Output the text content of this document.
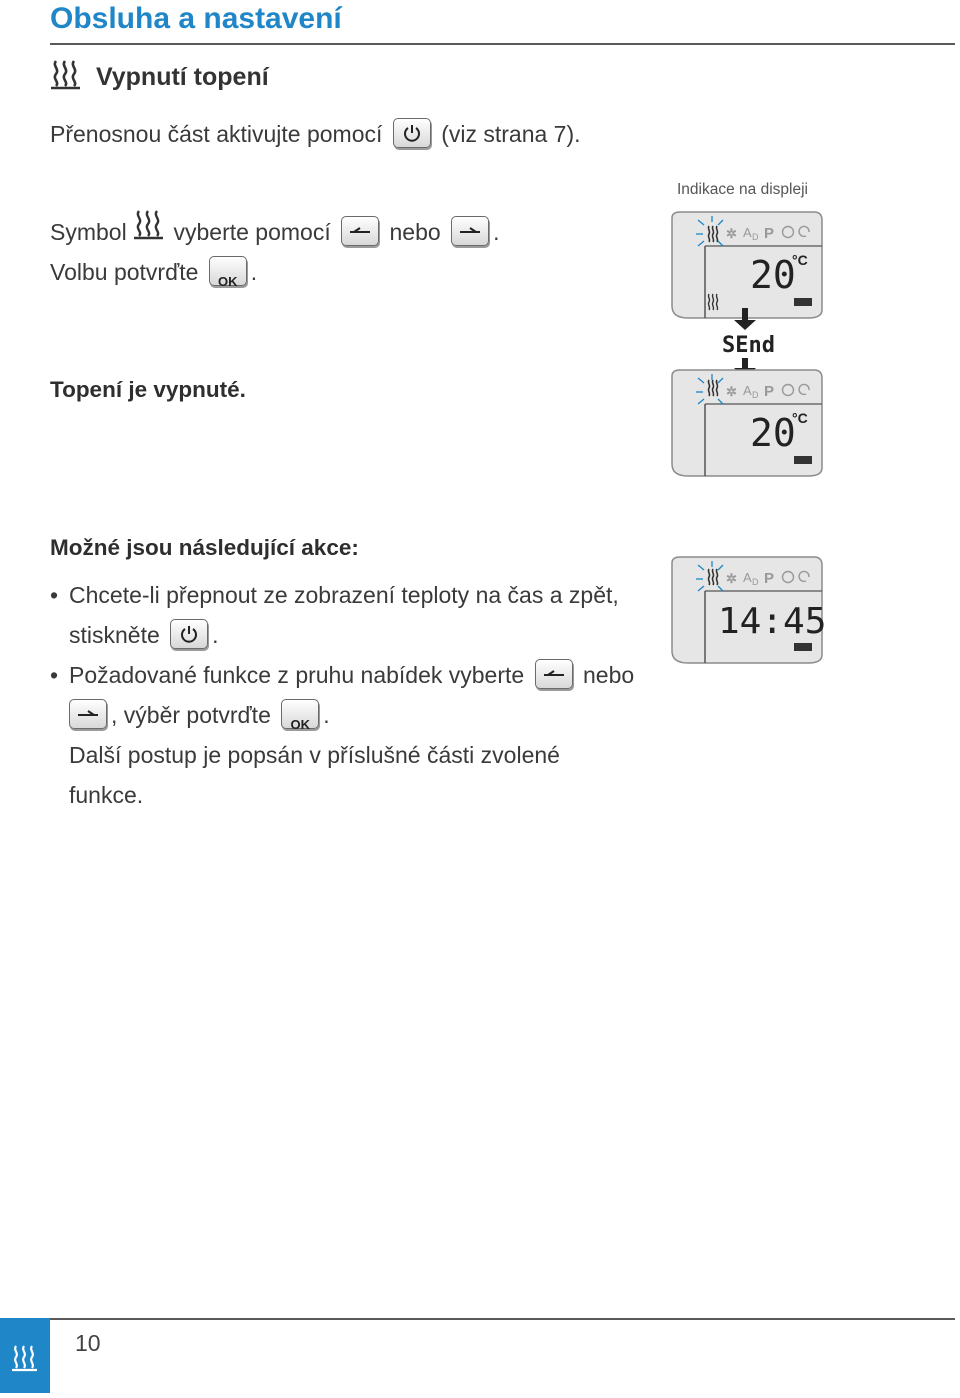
Obsluha a nastavení
Vypnutí topení
Přenosnou část aktivujte pomocí	(viz strana 7).
Indikace na displeji
Symbol vyberte pomocí	nebo .
Volbu potvrďte	OK .
Topení je vypnuté.
✲ A D P
20
°C
SEnd
✲ A D P
20
°C
Možné jsou následující akce:
• Chcete-li přepnout ze zobrazení teploty na čas a zpět,
stiskněte .
• Požadované funkce z pruhu nabídek vyberte	nebo
, výběr potvrďte	OK .
Další postup je popsán v příslušné části zvolené
funkce.
✲ A D P
14:45
10
